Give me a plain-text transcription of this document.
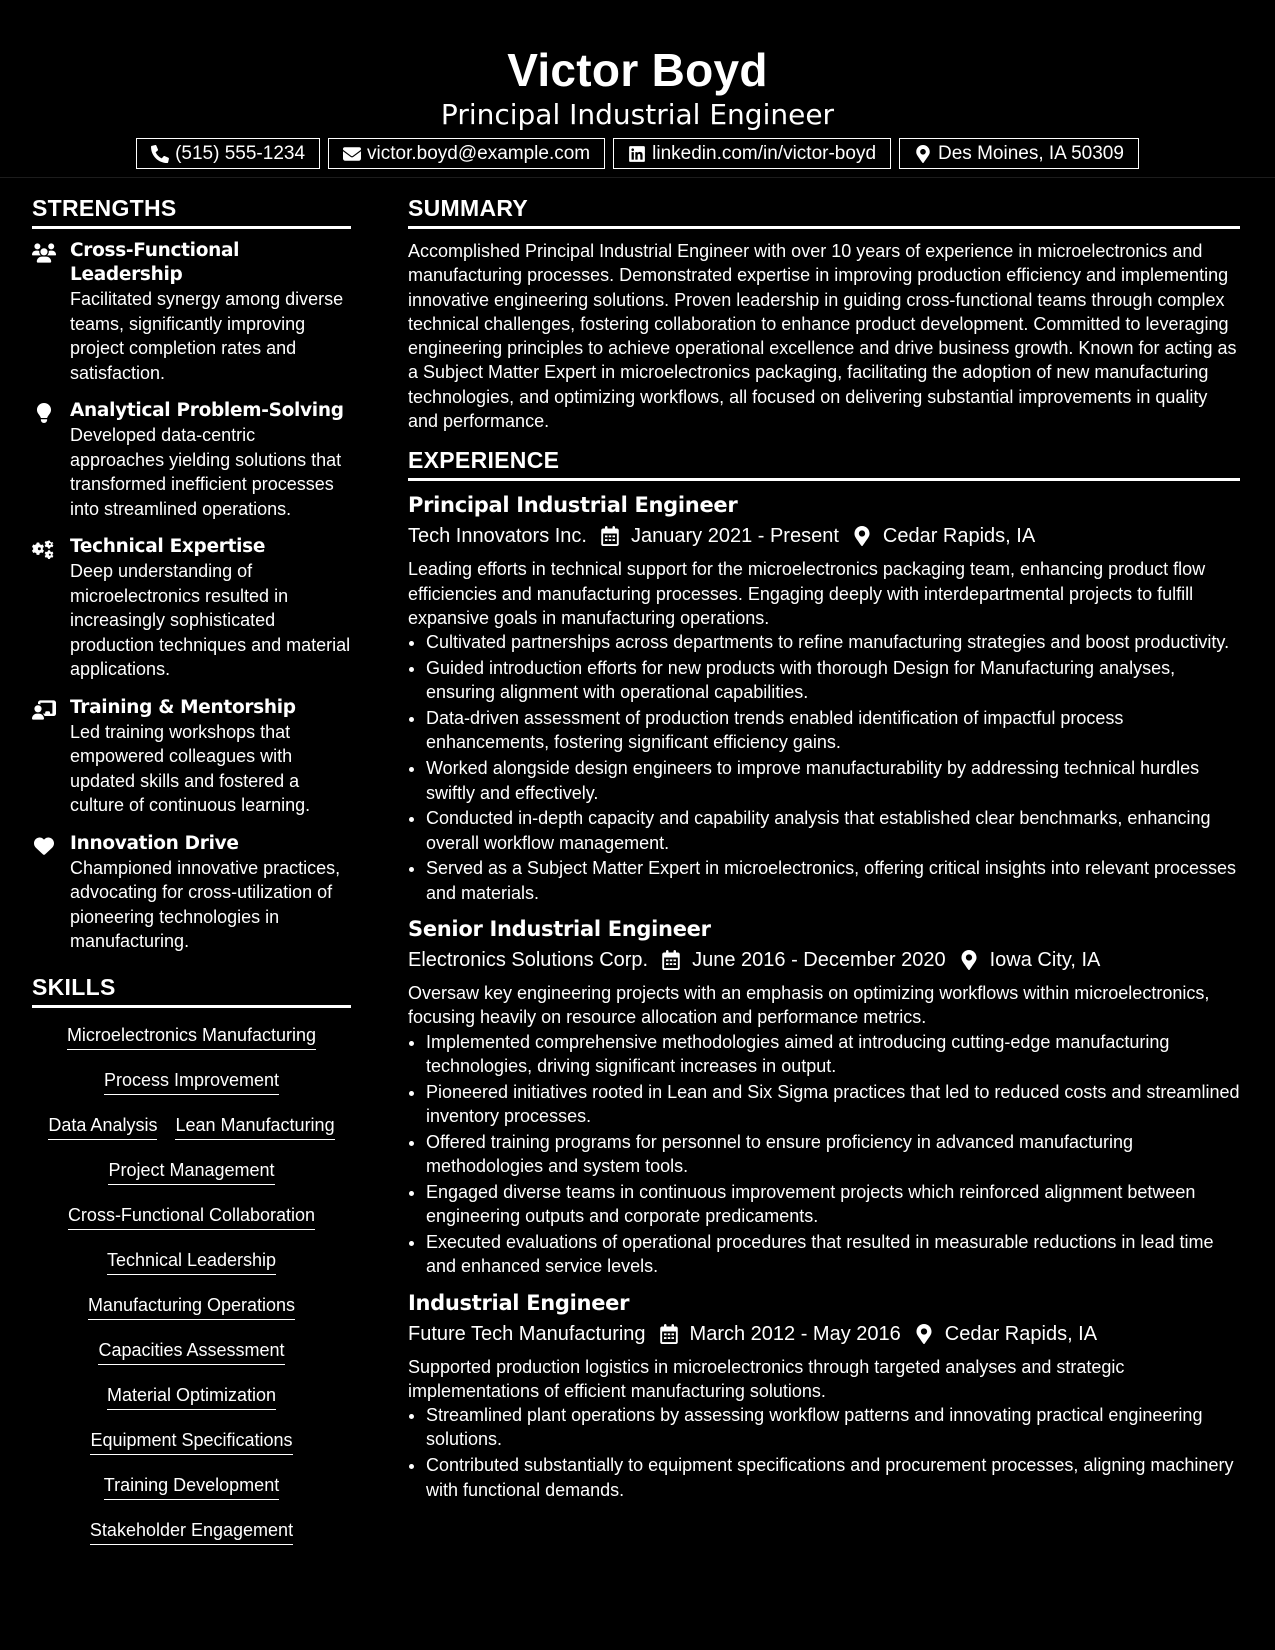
Victor Boyd
Principal Industrial Engineer
(515) 555-1234	victor.boyd@example.com	linkedin.com/in/victor-boyd	Des Moines, IA 50309
STRENGTHS
Cross-Functional Leadership
Facilitated synergy among diverse teams, significantly improving project completion rates and satisfaction.
Analytical Problem-Solving
Developed data-centric approaches yielding solutions that transformed inefficient processes into streamlined operations.
Technical Expertise
Deep understanding of microelectronics resulted in increasingly sophisticated production techniques and material applications.
Training & Mentorship
Led training workshops that empowered colleagues with updated skills and fostered a culture of continuous learning.
Innovation Drive
Championed innovative practices, advocating for cross-utilization of pioneering technologies in manufacturing.
SKILLS
Microelectronics Manufacturing
Process Improvement
Data Analysis Lean Manufacturing
Project Management
Cross-Functional Collaboration
Technical Leadership
Manufacturing Operations
Capacities Assessment
Material Optimization
Equipment Specifications
Training Development
Stakeholder Engagement
SUMMARY

Accomplished Principal Industrial Engineer with over 10 years of experience in microelectronics and manufacturing processes. Demonstrated expertise in improving production efficiency and implementing innovative engineering solutions. Proven leadership in guiding cross-functional teams through complex technical challenges, fostering collaboration to enhance product development. Committed to leveraging engineering principles to achieve operational excellence and drive business growth. Known for acting as a Subject Matter Expert in microelectronics packaging, facilitating the adoption of new manufacturing technologies, and optimizing workflows, all focused on delivering substantial improvements in quality and performance.

EXPERIENCE
Principal Industrial Engineer
Tech Innovators Inc. January 2021 - Present Cedar Rapids, IA
Leading efforts in technical support for the microelectronics packaging team, enhancing product flow efficiencies and manufacturing processes. Engaging deeply with interdepartmental projects to fulfill expansive goals in manufacturing operations.
• Cultivated partnerships across departments to refine manufacturing strategies and boost productivity.
• Guided introduction efforts for new products with thorough Design for Manufacturing analyses, ensuring alignment with operational capabilities.
• Data-driven assessment of production trends enabled identification of impactful process enhancements, fostering significant efficiency gains.
• Worked alongside design engineers to improve manufacturability by addressing technical hurdles swiftly and effectively.
• Conducted in-depth capacity and capability analysis that established clear benchmarks, enhancing overall workflow management.
• Served as a Subject Matter Expert in microelectronics, offering critical insights into relevant processes and materials.
Senior Industrial Engineer
Electronics Solutions Corp. June 2016 - December 2020 Iowa City, IA
Oversaw key engineering projects with an emphasis on optimizing workflows within microelectronics, focusing heavily on resource allocation and performance metrics.
• Implemented comprehensive methodologies aimed at introducing cutting-edge manufacturing technologies, driving significant increases in output.
• Pioneered initiatives rooted in Lean and Six Sigma practices that led to reduced costs and streamlined inventory processes.
• Offered training programs for personnel to ensure proficiency in advanced manufacturing methodologies and system tools.
• Engaged diverse teams in continuous improvement projects which reinforced alignment between engineering outputs and corporate predicaments.
• Executed evaluations of operational procedures that resulted in measurable reductions in lead time and enhanced service levels.
Industrial Engineer
Future Tech Manufacturing March 2012 - May 2016 Cedar Rapids, IA
Supported production logistics in microelectronics through targeted analyses and strategic implementations of efficient manufacturing solutions.
• Streamlined plant operations by assessing workflow patterns and innovating practical engineering solutions.
• Contributed substantially to equipment specifications and procurement processes, aligning machinery with functional demands.
